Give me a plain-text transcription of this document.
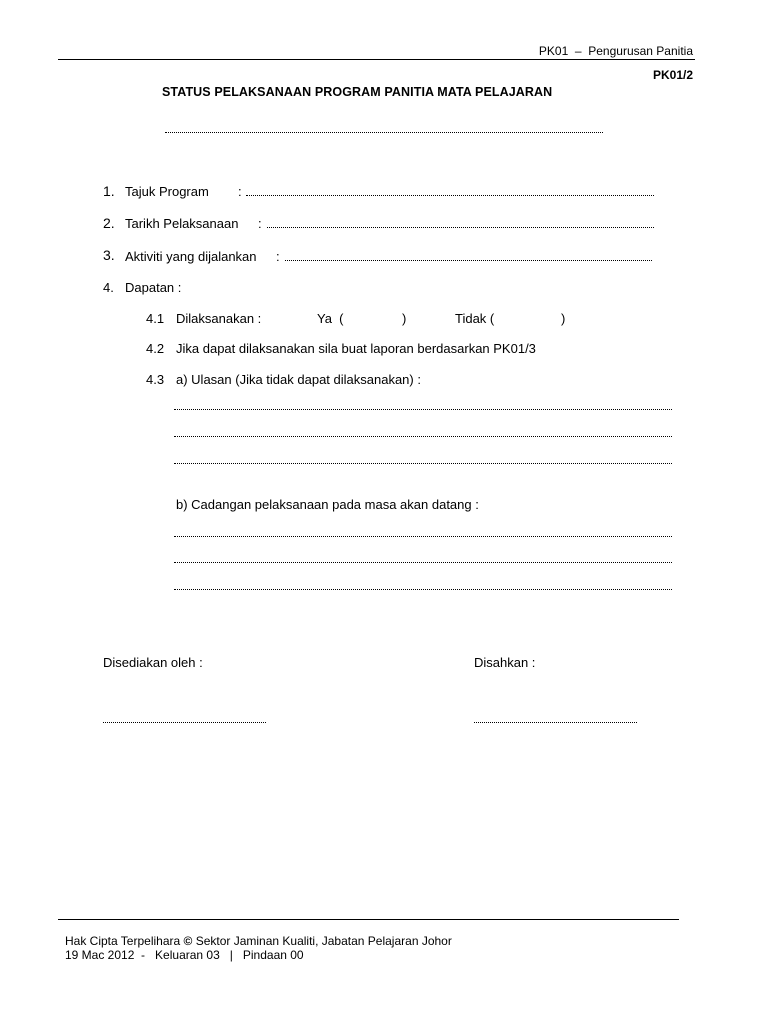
PK01  –  Pengurusan Panitia
PK01/2
STATUS PELAKSANAAN PROGRAM PANITIA MATA PELAJARAN
1. Tajuk Program :
2. Tarikh Pelaksanaan :
3. Aktiviti yang dijalankan :
4. Dapatan :
4.1 Dilaksanakan :	Ya  (	)	Tidak (	)
4.2 Jika dapat dilaksanakan sila buat laporan berdasarkan PK01/3
4.3 a) Ulasan (Jika tidak dapat dilaksanakan) :
b) Cadangan pelaksanaan pada masa akan datang :
Disediakan oleh :	Disahkan :
Hak Cipta Terpelihara © Sektor Jaminan Kualiti, Jabatan Pelajaran Johor
19 Mac 2012  -   Keluaran 03   |   Pindaan 00
